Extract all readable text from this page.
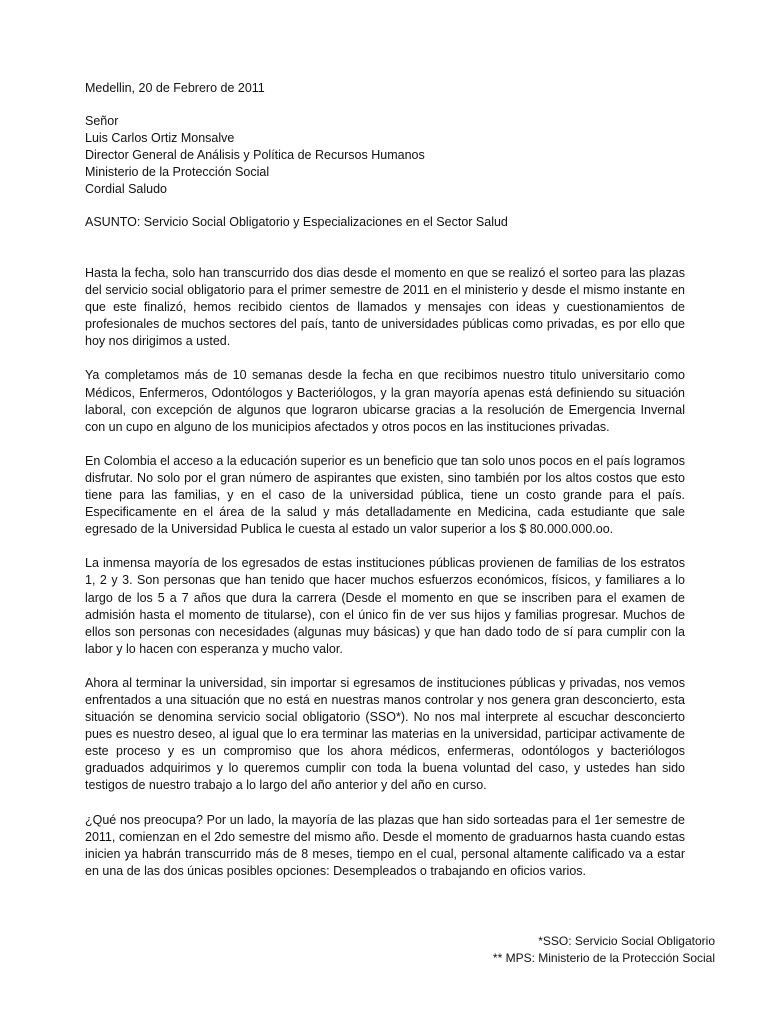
Medellin, 20 de Febrero de 2011

Señor

Luis Carlos Ortiz Monsalve

Director General de Análisis y Política de Recursos Humanos

Ministerio de la Protección Social

Cordial Saludo

ASUNTO: Servicio Social Obligatorio y Especializaciones en el Sector Salud

Hasta la fecha, solo han transcurrido dos dias desde el momento en que se realizó el sorteo para las plazas del servicio social obligatorio para el primer semestre de 2011 en el ministerio y desde el mismo instante en que este finalizó, hemos recibido cientos de llamados y mensajes con ideas y cuestionamientos de profesionales de muchos sectores del país, tanto de universidades públicas como privadas, es por ello que hoy nos dirigimos a usted.

Ya completamos más de 10 semanas desde la fecha en que recibimos nuestro titulo universitario como Médicos, Enfermeros, Odontólogos y Bacteriólogos, y la gran mayoría apenas está definiendo su situación laboral, con excepción de algunos que lograron ubicarse gracias a la resolución de Emergencia Invernal con un cupo en alguno de los municipios afectados y otros pocos en las instituciones privadas.

En Colombia el acceso a la educación superior es un beneficio que tan solo unos pocos en el país logramos disfrutar. No solo por el gran número de aspirantes que existen, sino también por los altos costos que esto tiene para las familias, y en el caso de la universidad pública, tiene un costo grande para el país. Especificamente en el área de la salud y más detalladamente en Medicina, cada estudiante que sale egresado de la Universidad Publica le cuesta al estado un valor superior a los $ 80.000.000.oo.

La inmensa mayoría de los egresados de estas instituciones públicas provienen de familias de los estratos 1, 2 y 3. Son personas que han tenido que hacer muchos esfuerzos económicos, físicos, y familiares a lo largo de los 5 a 7 años que dura la carrera (Desde el momento en que se inscriben para el examen de admisión hasta el momento de titularse), con el único fin de ver sus hijos y familias progresar. Muchos de ellos son personas con necesidades (algunas muy básicas) y que han dado todo de sí para cumplir con la labor y lo hacen con esperanza y mucho valor.

Ahora al terminar la universidad, sin importar si egresamos de instituciones públicas y privadas, nos vemos enfrentados a una situación que no está en nuestras manos controlar y nos genera gran desconcierto, esta situación se denomina servicio social obligatorio (SSO*). No nos mal interprete al escuchar desconcierto pues es nuestro deseo, al igual que lo era terminar las materias en la universidad, participar activamente de este proceso y es un compromiso que los ahora médicos, enfermeras, odontólogos y bacteriólogos graduados adquirimos y lo queremos cumplir con toda la buena voluntad del caso, y ustedes han sido testigos de nuestro trabajo a lo largo del año anterior y del año en curso.

¿Qué nos preocupa? Por un lado, la mayoría de las plazas que han sido sorteadas para el 1er semestre de 2011, comienzan en el 2do semestre del mismo año. Desde el momento de graduarnos hasta cuando estas inicien ya habrán transcurrido más de 8 meses, tiempo en el cual, personal altamente calificado va a estar en una de las dos únicas posibles opciones: Desempleados o trabajando en oficios varios.

*SSO: Servicio Social Obligatorio

** MPS: Ministerio de la Protección Social
